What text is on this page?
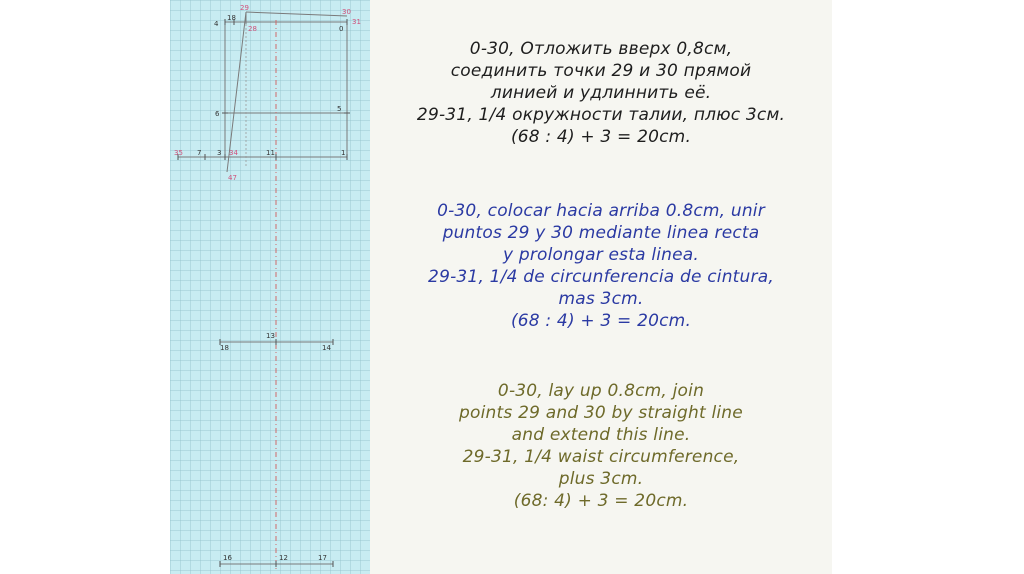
4
18
29
28
30
31
0
6
5
35 7 3 34	11	1
47
13
18	14
16	12	17
0-30, Отложить вверх 0,8см,
соединить точки 29 и 30 прямой
линией и удлиннить её.
29-31, 1/4 окружности талии, плюс 3см.
(68 : 4) + 3 = 20cm.
0-30, colocar hacia arriba 0.8cm, unir
puntos 29 y 30 mediante linea recta
y prolongar esta linea.
29-31, 1/4 de circunferencia de cintura,
mas 3cm.
(68 : 4) + 3 = 20cm.
0-30, lay up 0.8cm, join
points 29 and 30 by straight line
and extend this line.
29-31, 1/4 waist circumference,
plus 3cm.
(68: 4) + 3 = 20cm.
